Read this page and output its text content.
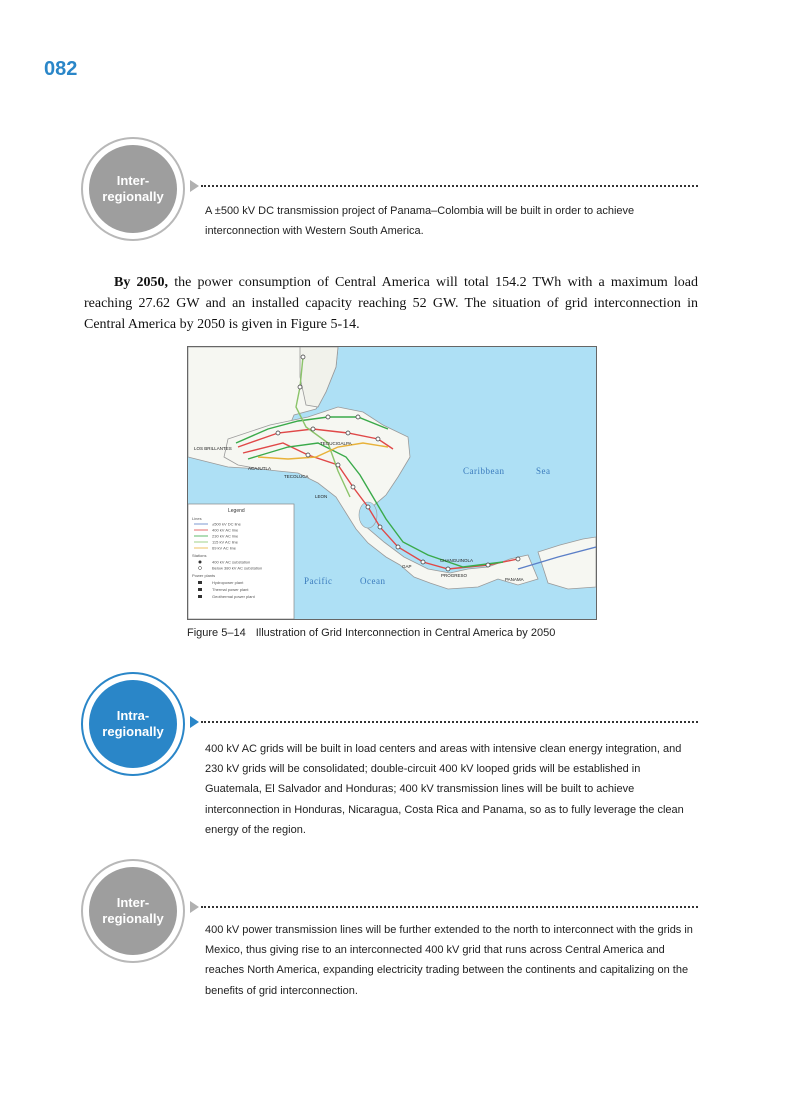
082
Inter-
regionally
A ±500 kV DC transmission project of Panama–Colombia will be built in order to achieve interconnection with Western South America.
By 2050, the power consumption of Central America will total 154.2 TWh with a maximum load reaching 27.62 GW and an installed capacity reaching 52 GW. The situation of grid interconnection in Central America by 2050 is given in Figure 5-14.
LOS BRILLANTES
TEGUCIGALPA
ACAJUTLA
TECOLUCA
LEON
CHANGUINOLA
PROGRESO
PANAMA
GAP
Caribbean	Sea
Pacific	Ocean
Legend
Lines
±500 kV DC line
400 kV AC line
230 kV AC line
115 kV AC line
69 kV AC line
Stations
400 kV AC substation
Below 380 kV AC substation
Power plants
Hydropower plant
Thermal power plant
Geothermal power plant
Figure 5–14 Illustration of Grid Interconnection in Central America by 2050
Intra-
regionally
400 kV AC grids will be built in load centers and areas with intensive clean energy integration, and 230 kV grids will be consolidated; double-circuit 400 kV looped grids will be established in Guatemala, El Salvador and Honduras; 400 kV transmission lines will be built to achieve interconnection in Honduras, Nicaragua, Costa Rica and Panama, so as to fully leverage the clean energy of the region.
Inter-
regionally
400 kV power transmission lines will be further extended to the north to interconnect with the grids in Mexico, thus giving rise to an interconnected 400 kV grid that runs across Central America and reaches North America, expanding electricity trading between the continents and capitalizing on the benefits of grid interconnection.
